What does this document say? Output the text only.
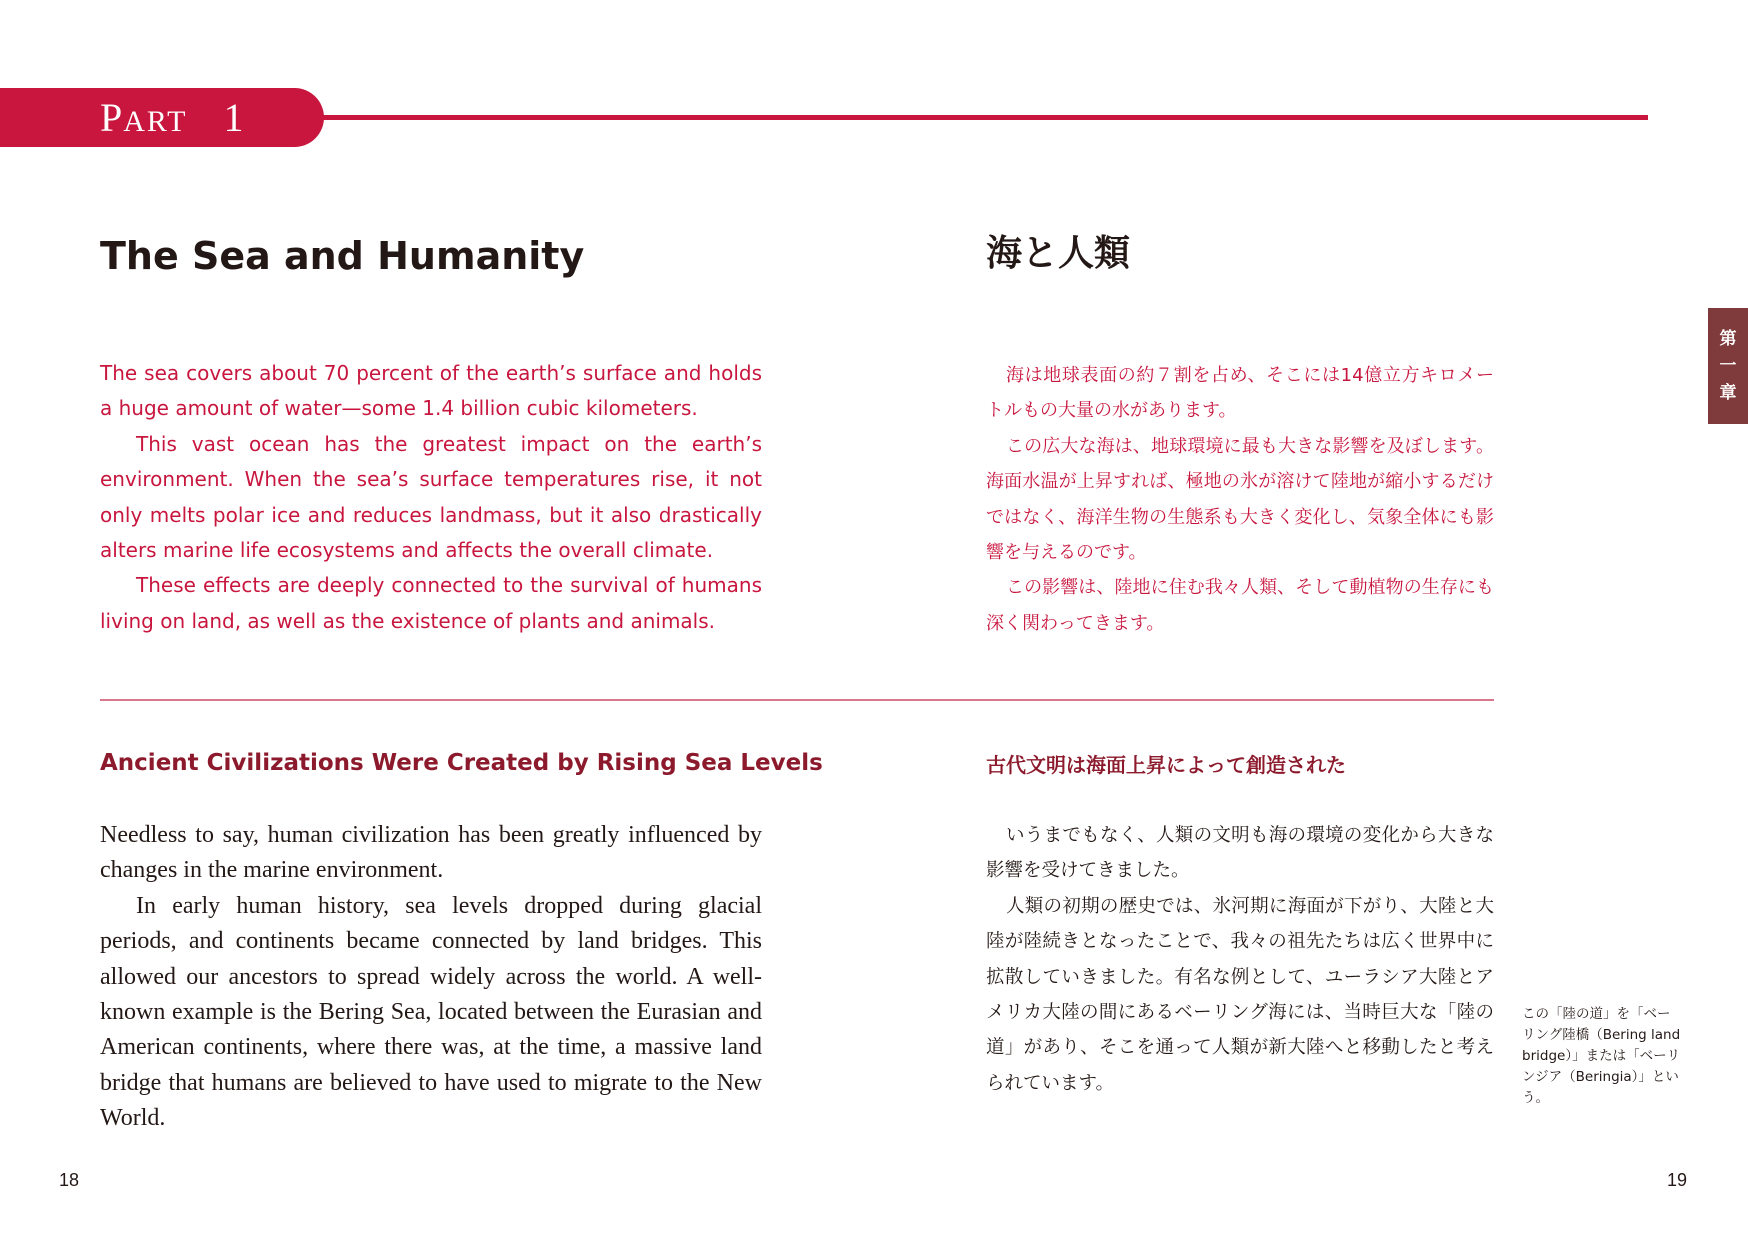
PART 1
第
一
章
The Sea and Humanity	海と人類

The sea covers about 70 percent of the earth’s surface and holds a huge amount of water—some 1.4 billion cubic kilometers.

This vast ocean has the greatest impact on the earth’s environment. When the sea’s surface temperatures rise, it not only melts polar ice and reduces landmass, but it also drastically alters marine life ecosystems and affects the overall climate.

These effects are deeply connected to the survival of humans living on land, as well as the existence of plants and animals.

海は地球表面の約７割を占め、そこには14億立方キロメートルもの大量の水があります。

この広大な海は、地球環境に最も大きな影響を及ぼします。海面水温が上昇すれば、極地の氷が溶けて陸地が縮小するだけではなく、海洋生物の生態系も大きく変化し、気象全体にも影響を与えるのです。

この影響は、陸地に住む我々人類、そして動植物の生存にも深く関わってきます。

Ancient Civilizations Were Created by Rising Sea Levels	古代文明は海面上昇によって創造された

Needless to say, human civilization has been greatly influenced by changes in the marine environment.

In early human history, sea levels dropped during glacial periods, and continents became connected by land bridges. This allowed our ancestors to spread widely across the world. A well-known example is the Bering Sea, located between the Eurasian and American continents, where there was, at the time, a massive land bridge that humans are believed to have used to migrate to the New World.

いうまでもなく、人類の文明も海の環境の変化から大きな影響を受けてきました。

人類の初期の歴史では、氷河期に海面が下がり、大陸と大陸が陸続きとなったことで、我々の祖先たちは広く世界中に拡散していきました。有名な例として、ユーラシア大陸とアメリカ大陸の間にあるベーリング海には、当時巨大な「陸の道」があり、そこを通って人類が新大陸へと移動したと考えられています。

この「陸の道」を「ベーリング陸橋（Bering land bridge）」または「ベーリンジア（Beringia）」という。
18	19
